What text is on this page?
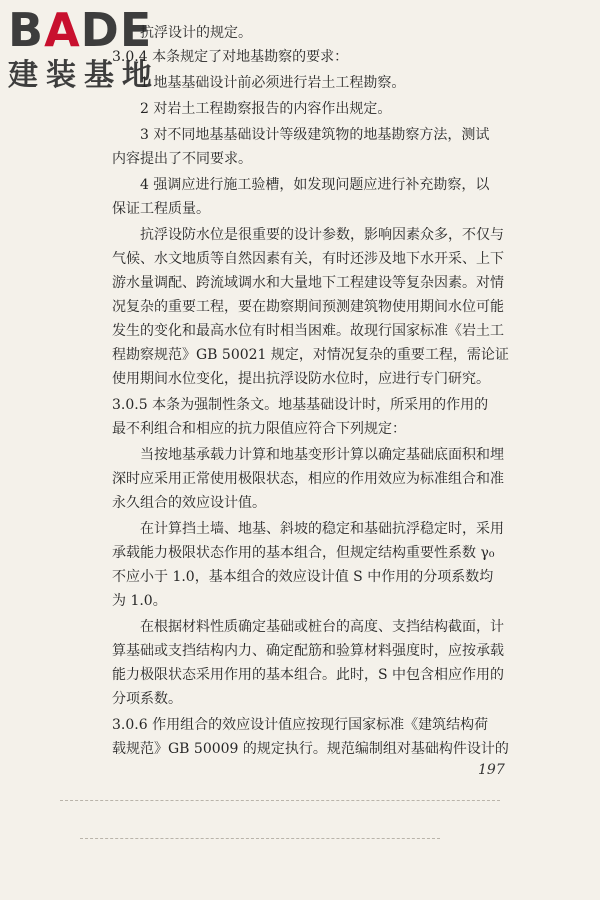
BADE
建装基地
抗浮设计的规定。
3.0.4 本条规定了对地基勘察的要求：
1 地基基础设计前必须进行岩土工程勘察。
2 对岩土工程勘察报告的内容作出规定。
3 对不同地基基础设计等级建筑物的地基勘察方法，测试
内容提出了不同要求。
4 强调应进行施工验槽，如发现问题应进行补充勘察，以
保证工程质量。
抗浮设防水位是很重要的设计参数，影响因素众多，不仅与
气候、水文地质等自然因素有关，有时还涉及地下水开采、上下
游水量调配、跨流域调水和大量地下工程建设等复杂因素。对情
况复杂的重要工程，要在勘察期间预测建筑物使用期间水位可能
发生的变化和最高水位有时相当困难。故现行国家标准《岩土工
程勘察规范》GB 50021 规定，对情况复杂的重要工程，需论证
使用期间水位变化，提出抗浮设防水位时，应进行专门研究。
3.0.5 本条为强制性条文。地基基础设计时，所采用的作用的
最不利组合和相应的抗力限值应符合下列规定：
当按地基承载力计算和地基变形计算以确定基础底面积和埋
深时应采用正常使用极限状态，相应的作用效应为标准组合和准
永久组合的效应设计值。
在计算挡土墙、地基、斜坡的稳定和基础抗浮稳定时，采用
承载能力极限状态作用的基本组合，但规定结构重要性系数 γ₀
不应小于 1.0，基本组合的效应设计值 S 中作用的分项系数均
为 1.0。
在根据材料性质确定基础或桩台的高度、支挡结构截面，计
算基础或支挡结构内力、确定配筋和验算材料强度时，应按承载
能力极限状态采用作用的基本组合。此时，S 中包含相应作用的
分项系数。
3.0.6 作用组合的效应设计值应按现行国家标准《建筑结构荷
载规范》GB 50009 的规定执行。规范编制组对基础构件设计的
197
